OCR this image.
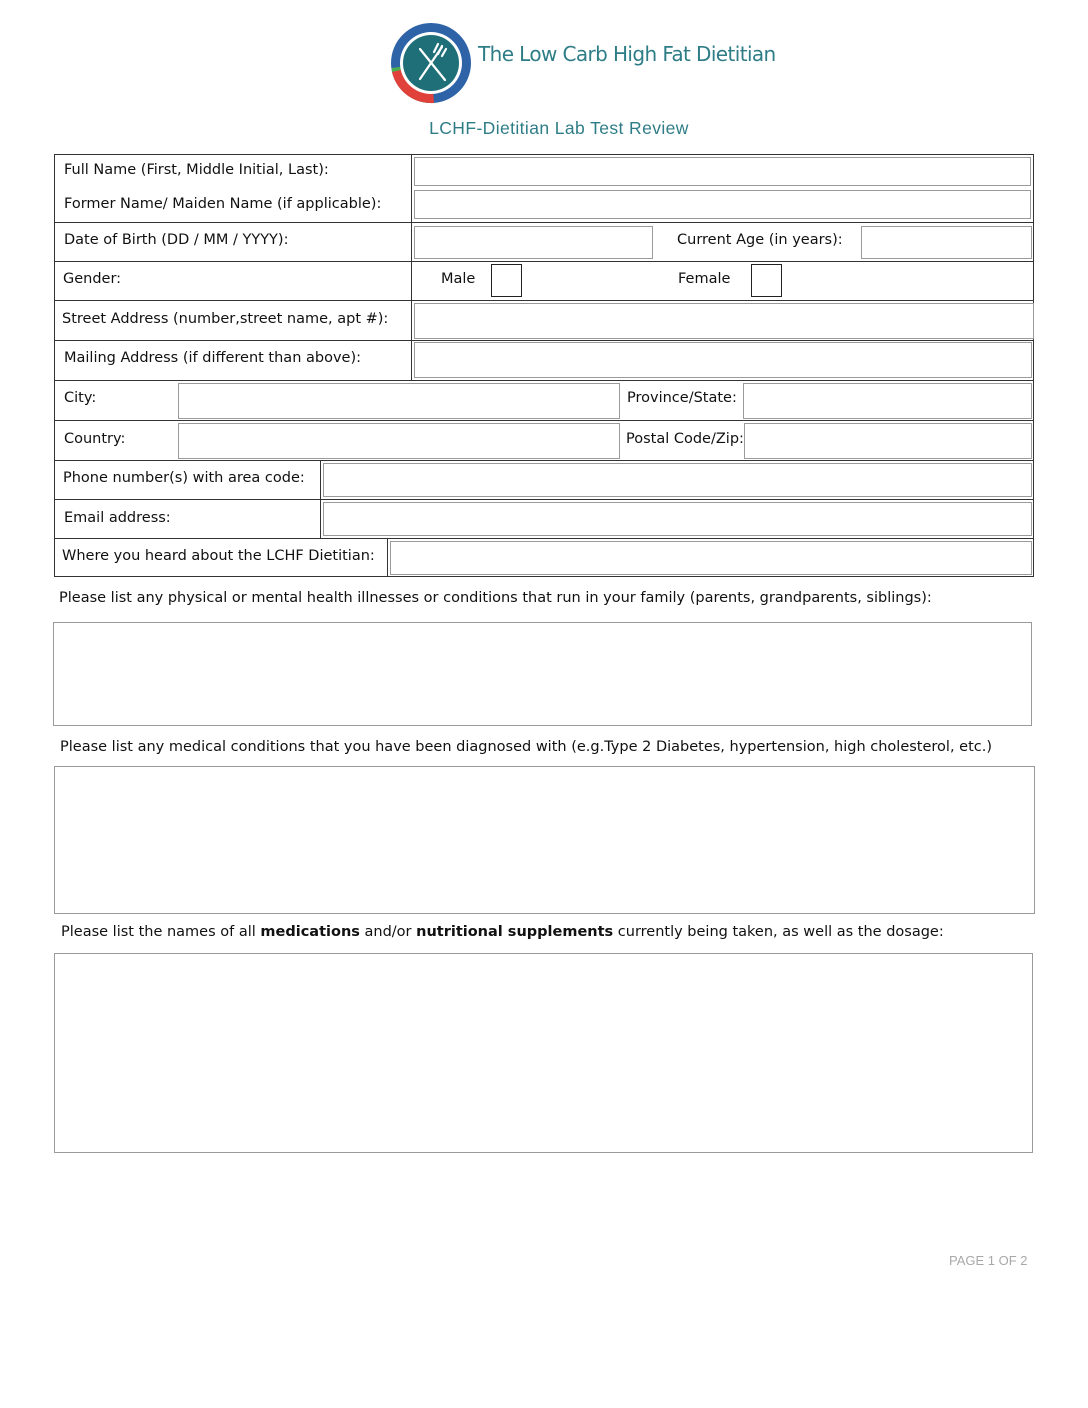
The Low Carb High Fat Dietitian
LCHF-Dietitian Lab Test Review
Full Name (First, Middle Initial, Last):
Former Name/ Maiden Name (if applicable):
Date of Birth (DD / MM / YYYY):	Current Age (in years):
Gender:	Male	Female
Street Address (number,street name, apt #):
Mailing Address (if different than above):
City:	Province/State:
Country:	Postal Code/Zip:
Phone number(s) with area code:
Email address:
Where you heard about the LCHF Dietitian:
Please list any physical or mental health illnesses or conditions that run in your family (parents, grandparents, siblings):
Please list any medical conditions that you have been diagnosed with (e.g.Type 2 Diabetes, hypertension, high cholesterol, etc.)
Please list the names of all medications and/or nutritional supplements currently being taken, as well as the dosage:
PAGE 1 OF 2
